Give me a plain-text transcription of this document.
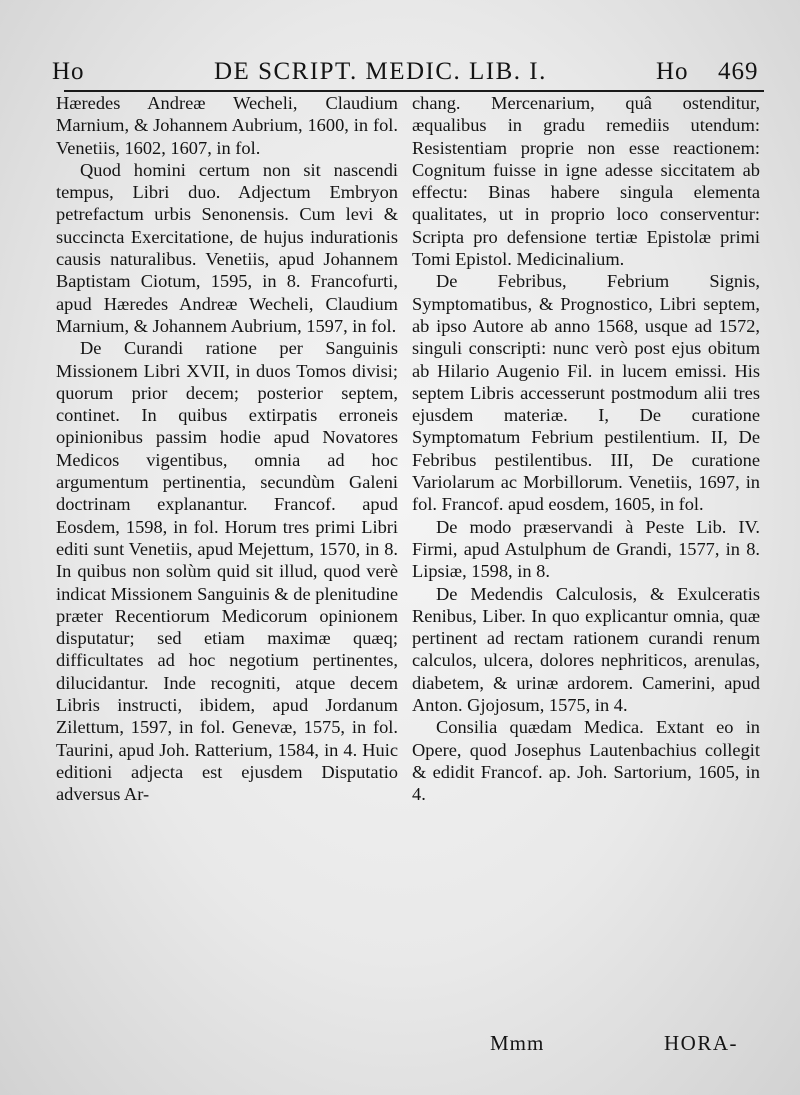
Ho	DE SCRIPT. MEDIC. LIB. I.	Ho 469

Hæredes Andreæ Wecheli, Claudium Marnium, & Johannem Aubrium, 1600, in fol. Venetiis, 1602, 1607, in fol.

Quod homini certum non sit nascendi tempus, Libri duo. Adjectum Embryon petrefactum urbis Senonensis. Cum levi & succincta Exercitatione, de hujus indurationis causis naturalibus. Venetiis, apud Johannem Baptistam Ciotum, 1595, in 8. Francofurti, apud Hæredes Andreæ Wecheli, Claudium Marnium, & Johannem Aubrium, 1597, in fol.

De Curandi ratione per Sanguinis Missionem Libri XVII, in duos Tomos divisi; quorum prior decem; posterior septem, continet. In quibus extirpatis erroneis opinionibus passim hodie apud Novatores Medicos vigentibus, omnia ad hoc argumentum pertinentia, secundùm Galeni doctrinam explanantur. Francof. apud Eosdem, 1598, in fol. Horum tres primi Libri editi sunt Venetiis, apud Mejettum, 1570, in 8. In quibus non solùm quid sit illud, quod verè indicat Missionem Sanguinis & de plenitudine præter Recentiorum Medicorum opinionem disputatur; sed etiam maximæ quæq; difficultates ad hoc negotium pertinentes, dilucidantur. Inde recogniti, atque decem Libris instructi, ibidem, apud Jordanum Zilettum, 1597, in fol. Genevæ, 1575, in fol. Taurini, apud Joh. Ratterium, 1584, in 4. Huic editioni adjecta est ejusdem Disputatio adversus Ar-

chang. Mercenarium, quâ ostenditur, æqualibus in gradu remediis utendum: Resistentiam proprie non esse reactionem: Cognitum fuisse in igne adesse siccitatem ab effectu: Binas habere singula elementa qualitates, ut in proprio loco conserventur: Scripta pro defensione tertiæ Epistolæ primi Tomi Epistol. Medicinalium.

De Febribus, Febrium Signis, Symptomatibus, & Prognostico, Libri septem, ab ipso Autore ab anno 1568, usque ad 1572, singuli conscripti: nunc verò post ejus obitum ab Hilario Augenio Fil. in lucem emissi. His septem Libris accesserunt postmodum alii tres ejusdem materiæ. I, De curatione Symptomatum Febrium pestilentium. II, De Febribus pestilentibus. III, De curatione Variolarum ac Morbillorum. Venetiis, 1697, in fol. Francof. apud eosdem, 1605, in fol.

De modo præservandi à Peste Lib. IV. Firmi, apud Astulphum de Grandi, 1577, in 8. Lipsiæ, 1598, in 8.

De Medendis Calculosis, & Exulceratis Renibus, Liber. In quo explicantur omnia, quæ pertinent ad rectam rationem curandi renum calculos, ulcera, dolores nephriticos, arenulas, diabetem, & urinæ ardorem. Camerini, apud Anton. Gjojosum, 1575, in 4.

Consilia quædam Medica. Extant eo in Opere, quod Josephus Lautenbachius collegit & edidit Francof. ap. Joh. Sartorium, 1605, in 4.

Mmm	HORA-
